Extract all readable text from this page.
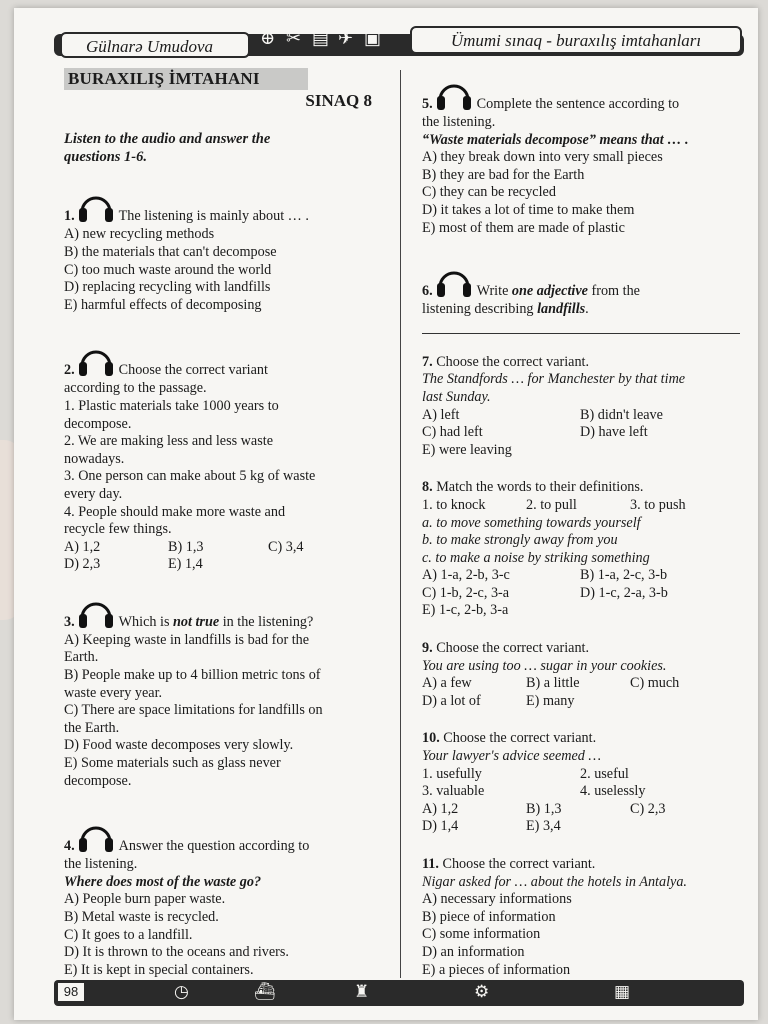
Gülnarə Umudova	⊕ ✂ ▤ ✈ ▣	Ümumi sınaq - buraxılış imtahanları
BURAXILIŞ İMTAHANI
SINAQ 8
Listen to the audio and answer the
questions 1-6.
1.	The listening is mainly about … .
A) new recycling methods
B) the materials that can't decompose
C) too much waste around the world
D) replacing recycling with landfills
E) harmful effects of decomposing
2.	Choose the correct variant
according to the passage.
1. Plastic materials take 1000 years to
decompose.
2. We are making less and less waste
nowadays.
3. One person can make about 5 kg of waste
every day.
4. People should make more waste and
recycle few things.
A) 1,2	B) 1,3	C) 3,4
D) 2,3	E) 1,4
3.	Which is not true in the listening?
A) Keeping waste in landfills is bad for the
Earth.
B) People make up to 4 billion metric tons of
waste every year.
C) There are space limitations for landfills on
the Earth.
D) Food waste decomposes very slowly.
E) Some materials such as glass never
decompose.
4.	Answer the question according to
the listening.
Where does most of the waste go?
A) People burn paper waste.
B) Metal waste is recycled.
C) It goes to a landfill.
D) It is thrown to the oceans and rivers.
E) It is kept in special containers.
5.	Complete the sentence according to
the listening.
“Waste materials decompose” means that … .
A) they break down into very small pieces
B) they are bad for the Earth
C) they can be recycled
D) it takes a lot of time to make them
E) most of them are made of plastic
6.	Write one adjective from the
listening describing landfills.
7. Choose the correct variant.
The Standfords … for Manchester by that time
last Sunday.
A) left	B) didn't leave
C) had left	D) have left
E) were leaving
8. Match the words to their definitions.
1. to knock	2. to pull	3. to push
a. to move something towards yourself
b. to make strongly away from you
c. to make a noise by striking something
A) 1-a, 2-b, 3-c	B) 1-a, 2-c, 3-b
C) 1-b, 2-c, 3-a	D) 1-c, 2-a, 3-b
E) 1-c, 2-b, 3-a
9. Choose the correct variant.
You are using too … sugar in your cookies.
A) a few	B) a little	C) much
D) a lot of	E) many
10. Choose the correct variant.
Your lawyer's advice seemed …
1. usefully	2. useful
3. valuable	4. uselessly
A) 1,2	B) 1,3	C) 2,3
D) 1,4	E) 3,4
11. Choose the correct variant.
Nigar asked for … about the hotels in Antalya.
A) necessary informations
B) piece of information
C) some information
D) an information
E) a pieces of information
98	◷	⛴	♜	⚙	▦
